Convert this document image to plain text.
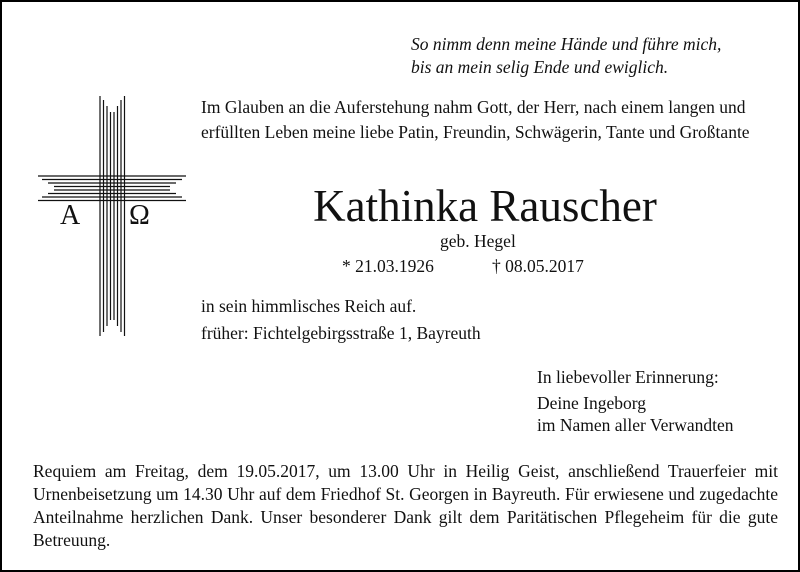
A Ω
So nimm denn meine Hände und führe mich,
bis an mein selig Ende und ewiglich.
Im Glauben an die Auferstehung nahm Gott, der Herr, nach einem langen und erfüllten Leben meine liebe Patin, Freundin, Schwägerin, Tante und Großtante
Kathinka Rauscher
geb. Hegel
* 21.03.1926	† 08.05.2017
in sein himmlisches Reich auf.
früher: Fichtelgebirgsstraße 1, Bayreuth
In liebevoller Erinnerung:
Deine Ingeborg
im Namen aller Verwandten
Requiem am Freitag, dem 19.05.2017, um 13.00 Uhr in Heilig Geist, anschließend Trauerfeier mit Urnenbeisetzung um 14.30 Uhr auf dem Friedhof St. Georgen in Bayreuth. Für erwiesene und zugedachte Anteilnahme herzlichen Dank. Unser besonderer Dank gilt dem Paritätischen Pflegeheim für die gute Betreuung.
